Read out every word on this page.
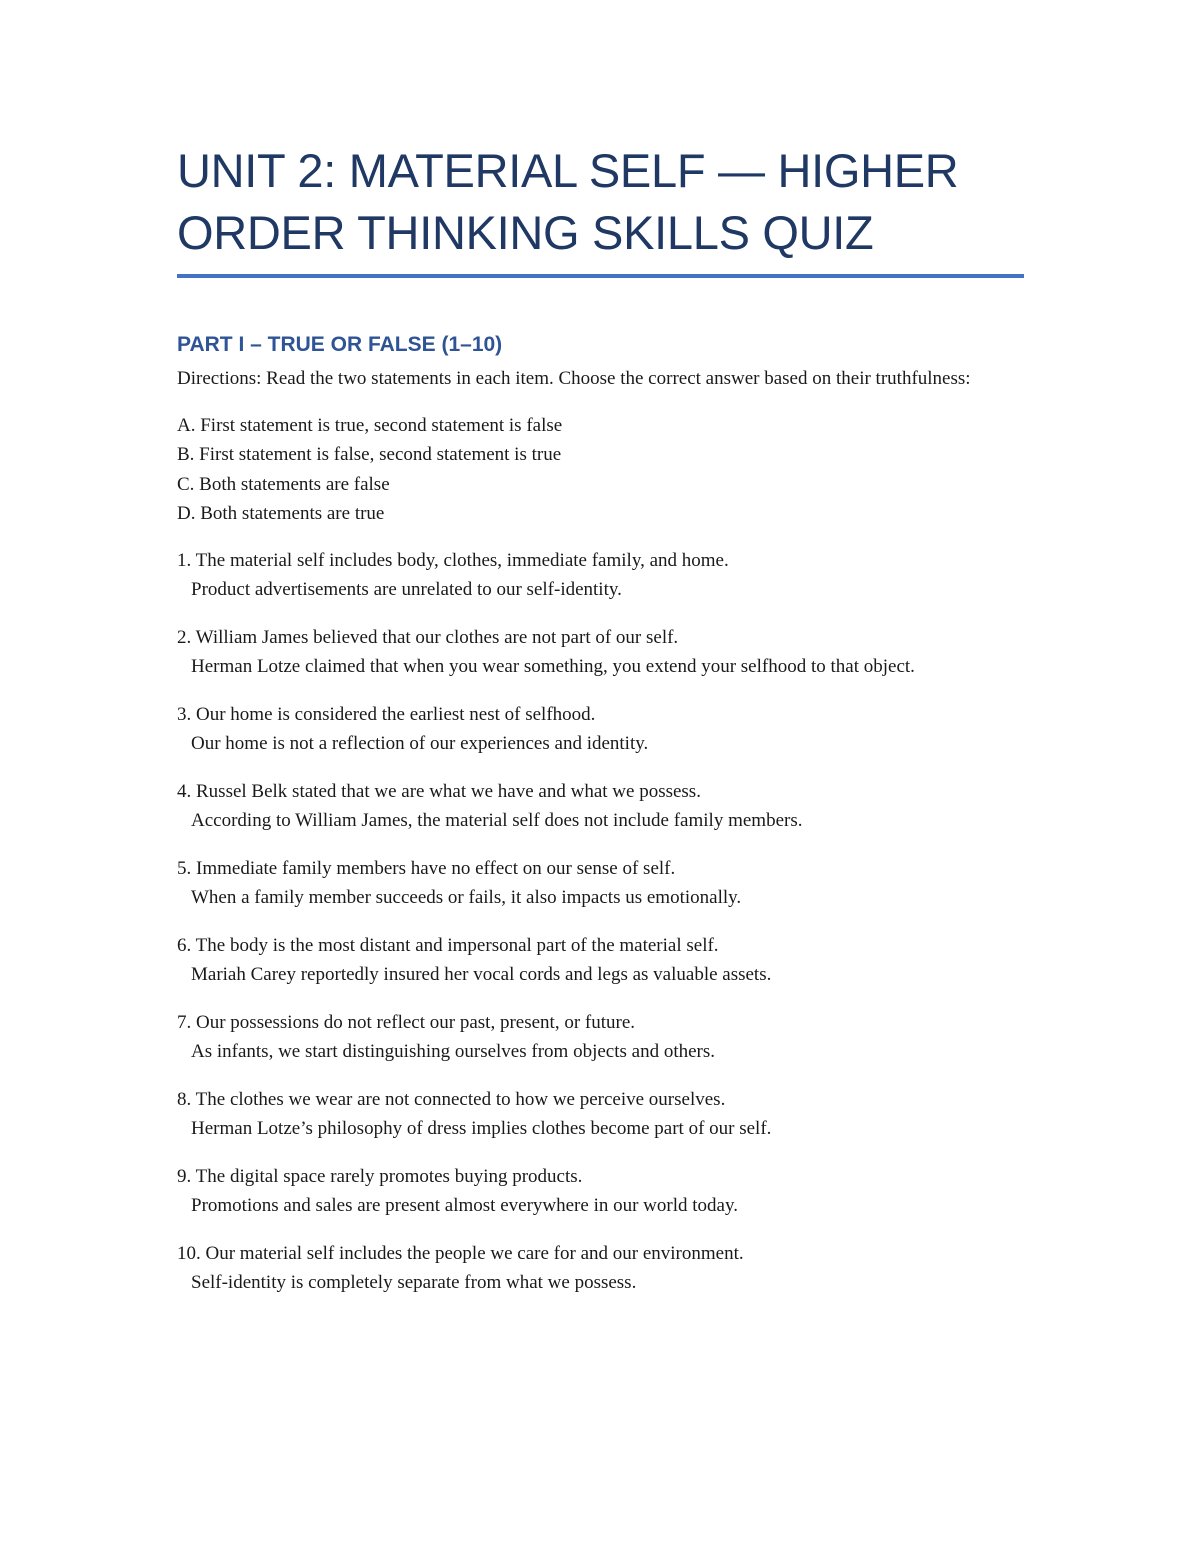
UNIT 2: MATERIAL SELF — HIGHER ORDER THINKING SKILLS QUIZ
PART I – TRUE OR FALSE (1–10)
Directions: Read the two statements in each item. Choose the correct answer based on their truthfulness:
A. First statement is true, second statement is false
B. First statement is false, second statement is true
C. Both statements are false
D. Both statements are true
1. The material self includes body, clothes, immediate family, and home.
Product advertisements are unrelated to our self-identity.
2. William James believed that our clothes are not part of our self.
Herman Lotze claimed that when you wear something, you extend your selfhood to that object.
3. Our home is considered the earliest nest of selfhood.
Our home is not a reflection of our experiences and identity.
4. Russel Belk stated that we are what we have and what we possess.
According to William James, the material self does not include family members.
5. Immediate family members have no effect on our sense of self.
When a family member succeeds or fails, it also impacts us emotionally.
6. The body is the most distant and impersonal part of the material self.
Mariah Carey reportedly insured her vocal cords and legs as valuable assets.
7. Our possessions do not reflect our past, present, or future.
As infants, we start distinguishing ourselves from objects and others.
8. The clothes we wear are not connected to how we perceive ourselves.
Herman Lotze’s philosophy of dress implies clothes become part of our self.
9. The digital space rarely promotes buying products.
Promotions and sales are present almost everywhere in our world today.
10. Our material self includes the people we care for and our environment.
Self-identity is completely separate from what we possess.
